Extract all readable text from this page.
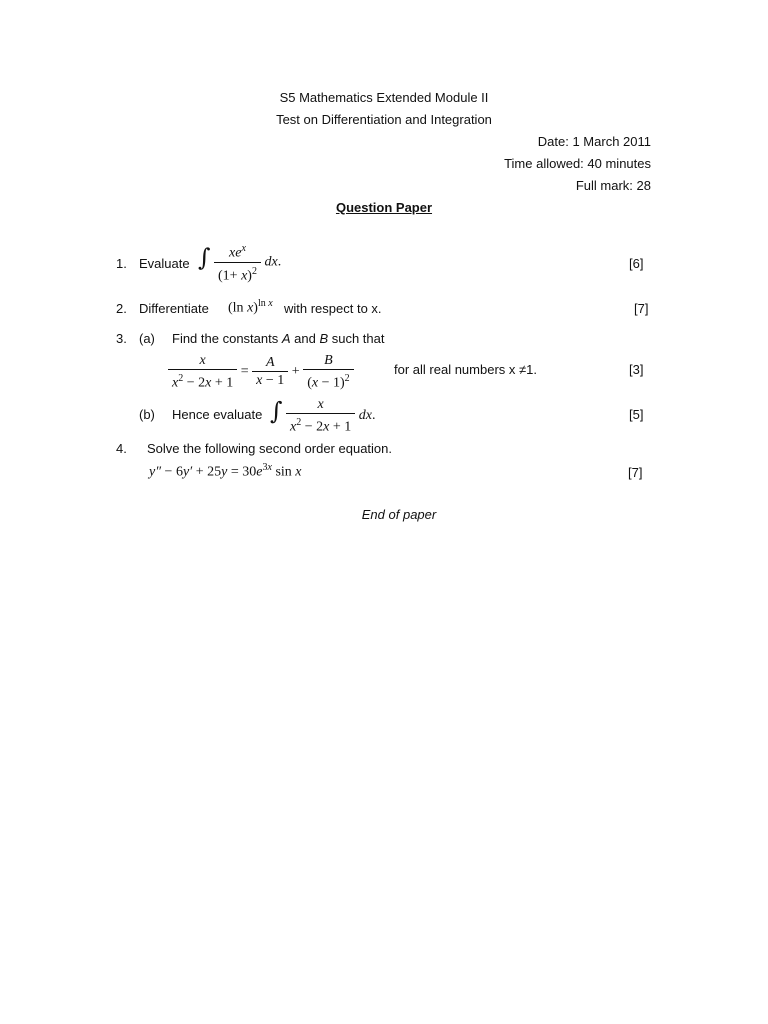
S5 Mathematics Extended Module II
Test on Differentiation and Integration
Date: 1 March 2011
Time allowed: 40 minutes
Full mark: 28
Question Paper
1. Evaluate ∫ $\frac{xe^x}{(1+ x)^2}$ dx.	[6]
2. Differentiate (ln x)$^{ln x}$ with respect to x.	[7]
3. (a) Find the constants A and B such that
$\frac{x}{x^2 - 2x + 1} = \frac{A}{x - 1} + \frac{B}{(x - 1)^2}$	for all real numbers x ≠1.	[3]
(b) Hence evaluate ∫ $\frac{x}{x^2 - 2x + 1}$ dx.	[5]
4. Solve the following second order equation.
$y'' - 6y' + 25y = 30e^{3x}$ sin x	[7]
End of paper
